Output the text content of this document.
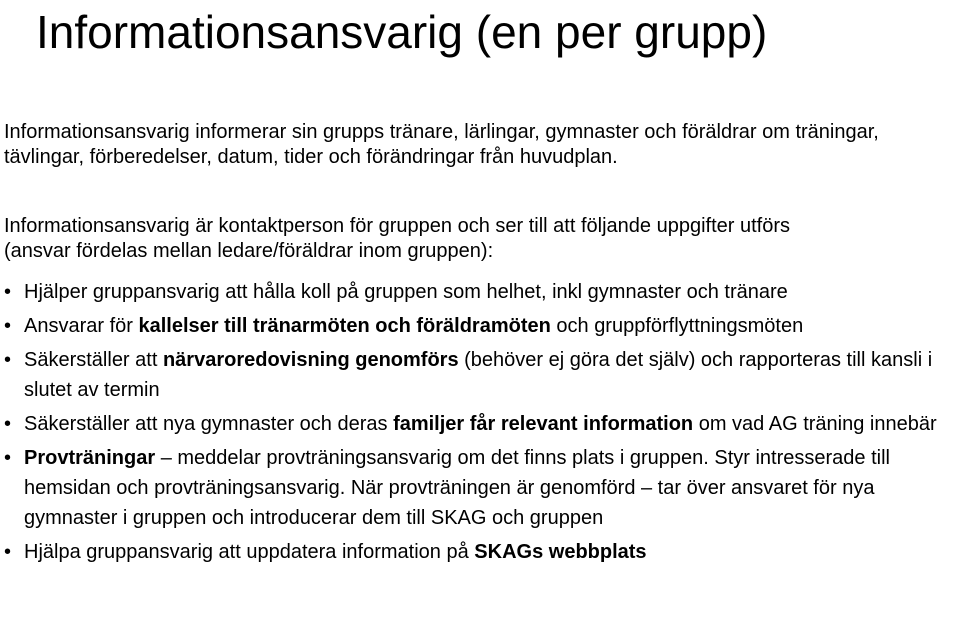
Informationsansvarig (en per grupp)
Informationsansvarig informerar sin grupps tränare, lärlingar, gymnaster och föräldrar om träningar, tävlingar, förberedelser, datum, tider och förändringar från huvudplan.
Informationsansvarig är kontaktperson för gruppen och ser till att följande uppgifter utförs
(ansvar fördelas mellan ledare/föräldrar inom gruppen):
• Hjälper gruppansvarig att hålla koll på gruppen som helhet, inkl gymnaster och tränare
• Ansvarar för kallelser till tränarmöten och föräldramöten och gruppförflyttningsmöten
• Säkerställer att närvaroredovisning genomförs (behöver ej göra det själv) och rapporteras till kansli i slutet av termin
• Säkerställer att nya gymnaster och deras familjer får relevant information om vad AG träning innebär
• Provträningar – meddelar provträningsansvarig om det finns plats i gruppen. Styr intresserade till hemsidan och provträningsansvarig. När provträningen är genomförd – tar över ansvaret för nya gymnaster i gruppen och introducerar dem till SKAG och gruppen
• Hjälpa gruppansvarig att uppdatera information på SKAGs webbplats
